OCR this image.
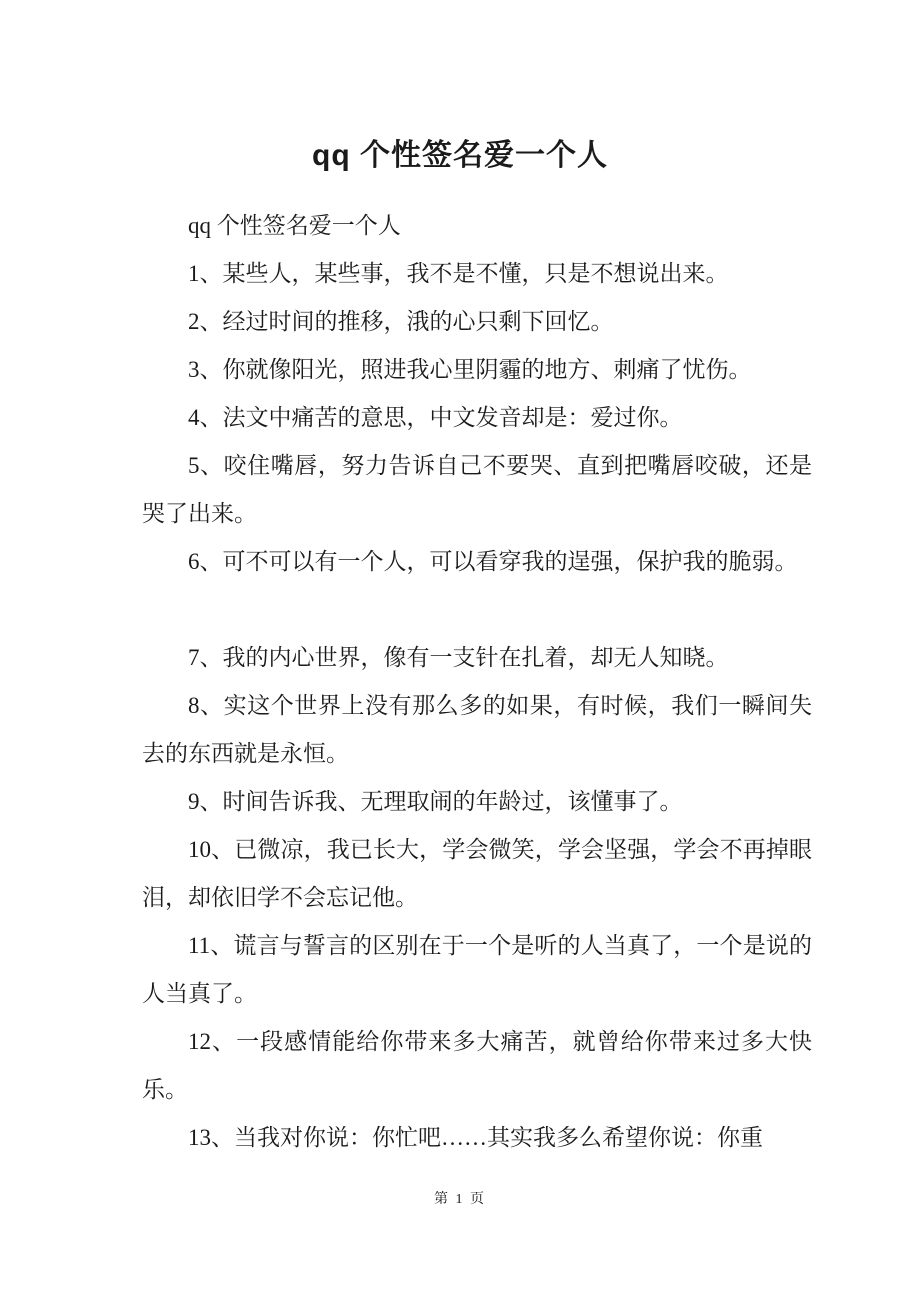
qq 个性签名爱一个人

qq 个性签名爱一个人

1、某些人，某些事，我不是不懂，只是不想说出来。

2、经过时间的推移，涐的心只剩下回忆。

3、你就像阳光，照进我心里阴霾的地方、刺痛了忧伤。

4、法文中痛苦的意思，中文发音却是：爱过你。

5、咬住嘴唇，努力告诉自己不要哭、直到把嘴唇咬破，还是哭了出来。

6、可不可以有一个人，可以看穿我的逞强，保护我的脆弱。

7、我的内心世界，像有一支针在扎着，却无人知晓。

8、实这个世界上没有那么多的如果，有时候，我们一瞬间失去的东西就是永恒。

9、时间告诉我、无理取闹的年龄过，该懂事了。

10、已微凉，我已长大，学会微笑，学会坚强，学会不再掉眼泪，却依旧学不会忘记他。

11、谎言与誓言的区别在于一个是听的人当真了，一个是说的人当真了。

12、一段感情能给你带来多大痛苦，就曾给你带来过多大快乐。

13、当我对你说：你忙吧……其实我多么希望你说：你重

第 1 页
